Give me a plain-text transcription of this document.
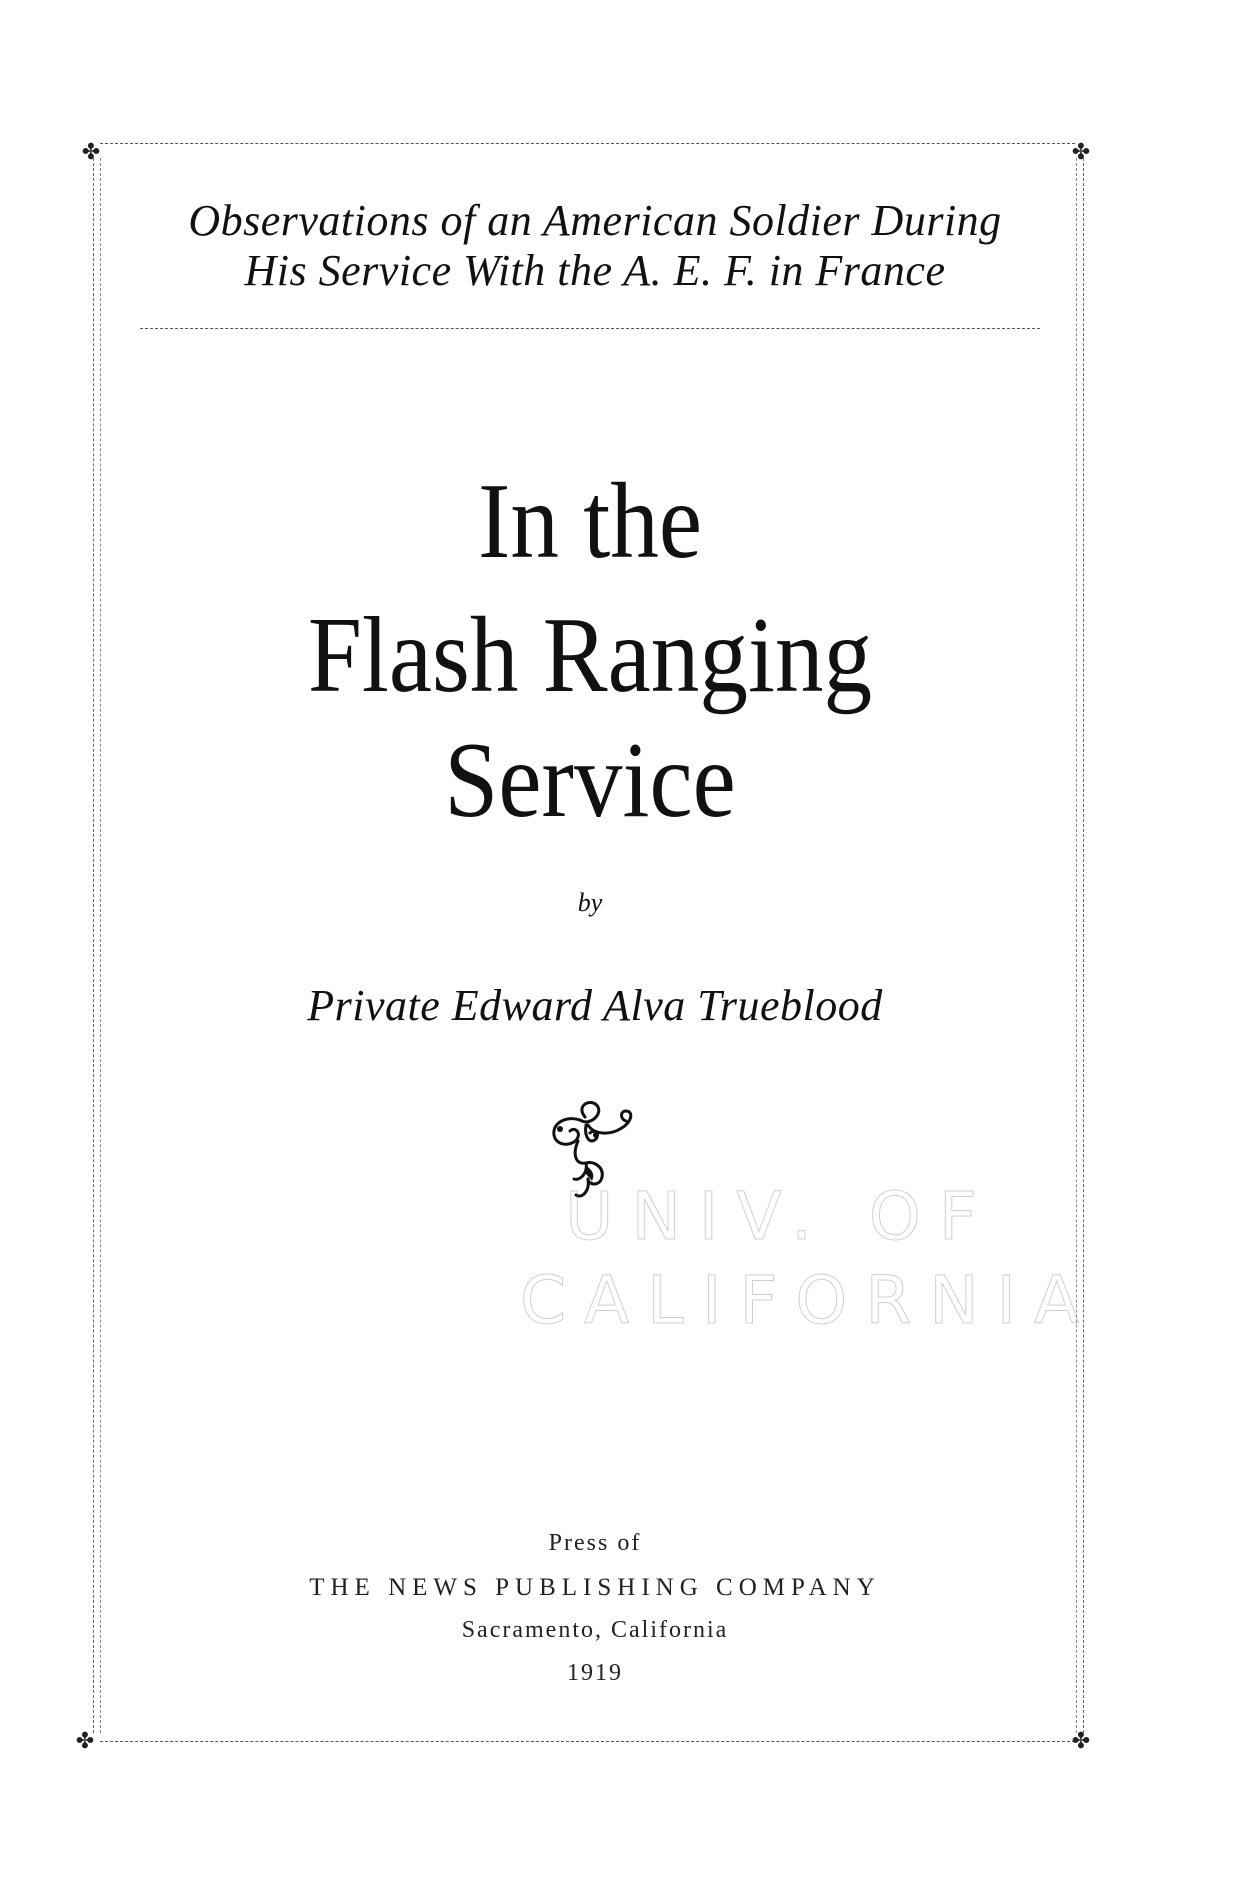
✤	✤
✤	✤
Observations of an American Soldier During
His Service With the A. E. F. in France
In the
Flash Ranging
Service
by
Private Edward Alva Trueblood
UNIV. OF
CALIFORNIA
Press of
THE NEWS PUBLISHING COMPANY
Sacramento, California
1919
